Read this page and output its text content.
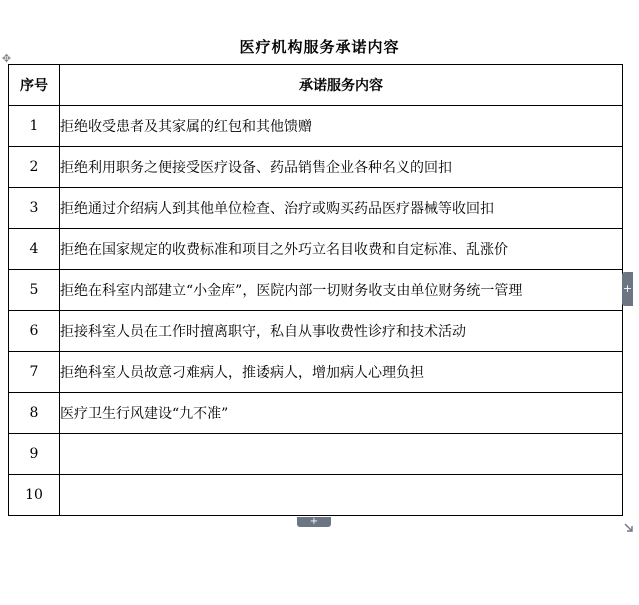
医疗机构服务承诺内容
✥
序号	承诺服务内容
1	拒绝收受患者及其家属的红包和其他馈赠
2	拒绝利用职务之便接受医疗设备、药品销售企业各种名义的回扣
3	拒绝通过介绍病人到其他单位检查、治疗或购买药品医疗器械等收回扣
4	拒绝在国家规定的收费标准和项目之外巧立名目收费和自定标准、乱涨价
5	拒绝在科室内部建立“小金库”，医院内部一切财务收支由单位财务统一管理
6	拒接科室人员在工作时擅离职守，私自从事收费性诊疗和技术活动
7	拒绝科室人员故意刁难病人，推诿病人，增加病人心理负担
8	医疗卫生行风建设“九不准”
9	
10	
+
+
